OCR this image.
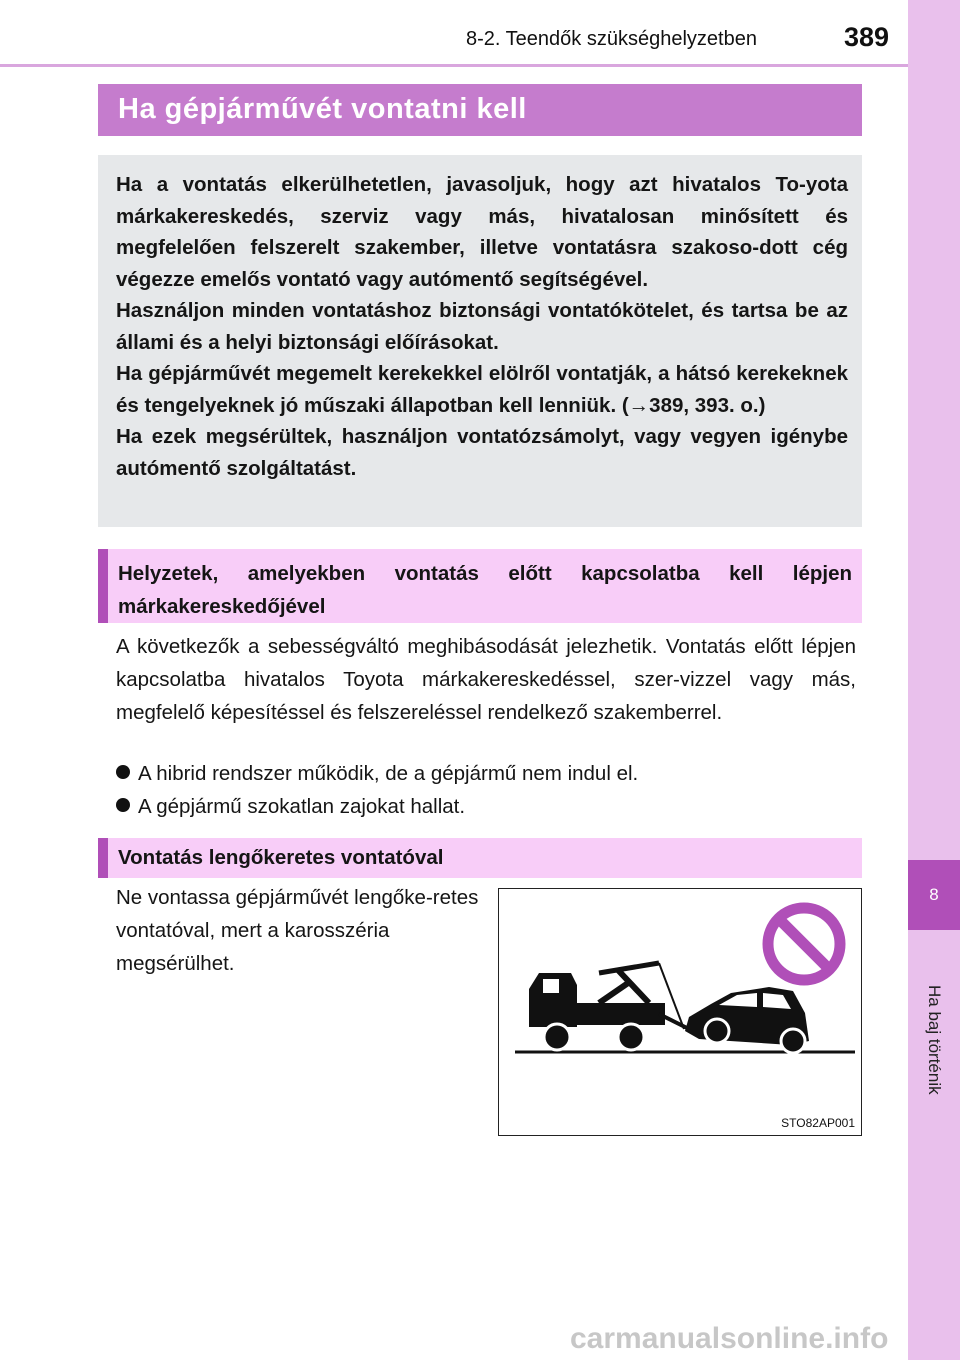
8
Ha baj történik
8-2. Teendők szükséghelyzetben	389
Ha gépjárművét vontatni kell

Ha a vontatás elkerülhetetlen, javasoljuk, hogy azt hivatalos To-yota márkakereskedés, szerviz vagy más, hivatalosan minősített és megfelelően felszerelt szakember, illetve vontatásra szakoso-dott cég végezze emelős vontató vagy autómentő segítségével.

Használjon minden vontatáshoz biztonsági vontatókötelet, és tartsa be az állami és a helyi biztonsági előírásokat.

Ha gépjárművét megemelt kerekekkel elölről vontatják, a hátsó kerekeknek és tengelyeknek jó műszaki állapotban kell lenniük. (→389, 393. o.)

Ha ezek megsérültek, használjon vontatózsámolyt, vagy vegyen igénybe autómentő szolgáltatást.

Helyzetek, amelyekben vontatás előtt kapcsolatba kell lépjen márkakereskedőjével

A következők a sebességváltó meghibásodását jelezhetik. Vontatás előtt lépjen kapcsolatba hivatalos Toyota márkakereskedéssel, szer-vizzel vagy más, megfelelő képesítéssel és felszereléssel rendelkező szakemberrel.

A hibrid rendszer működik, de a gépjármű nem indul el.
A gépjármű szokatlan zajokat hallat.
Vontatás lengőkeretes vontatóval

Ne vontassa gépjárművét lengőke-retes vontatóval, mert a karosszéria megsérülhet.

STO82AP001
carmanualsonline.info
